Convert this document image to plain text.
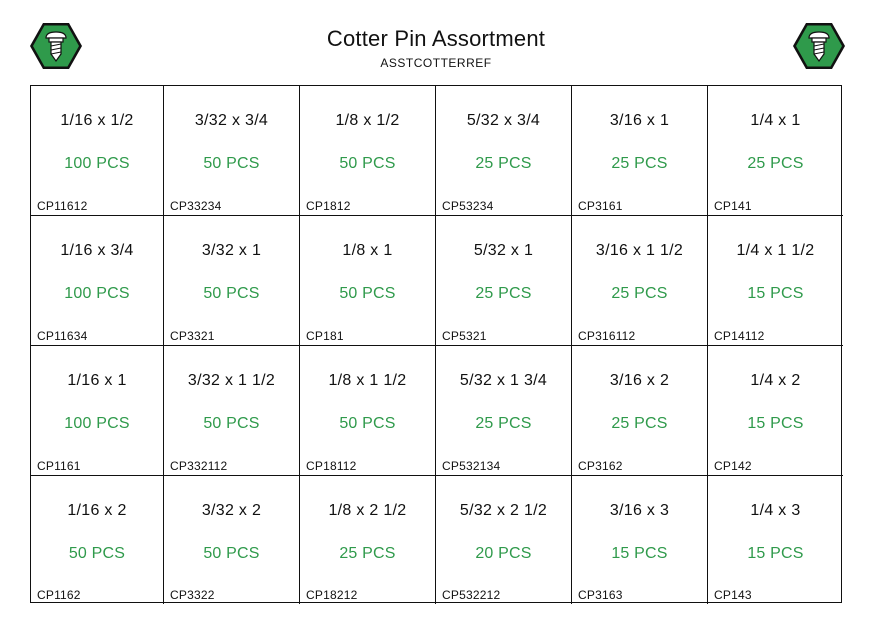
Cotter Pin Assortment
ASSTCOTTERREF
1/16 x 1/2
100 PCS
CP11612
3/32 x 3/4
50 PCS
CP33234
1/8 x 1/2
50 PCS
CP1812
5/32 x 3/4
25 PCS
CP53234
3/16 x 1
25 PCS
CP3161
1/4 x 1
25 PCS
CP141
1/16 x 3/4
100 PCS
CP11634
3/32 x 1
50 PCS
CP3321
1/8 x 1
50 PCS
CP181
5/32 x 1
25 PCS
CP5321
3/16 x 1 1/2
25 PCS
CP316112
1/4 x 1 1/2
15 PCS
CP14112
1/16 x 1
100 PCS
CP1161
3/32 x 1 1/2
50 PCS
CP332112
1/8 x 1 1/2
50 PCS
CP18112
5/32 x 1 3/4
25 PCS
CP532134
3/16 x 2
25 PCS
CP3162
1/4 x 2
15 PCS
CP142
1/16 x 2
50 PCS
CP1162
3/32 x 2
50 PCS
CP3322
1/8 x 2 1/2
25 PCS
CP18212
5/32 x 2 1/2
20 PCS
CP532212
3/16 x 3
15 PCS
CP3163
1/4 x 3
15 PCS
CP143
